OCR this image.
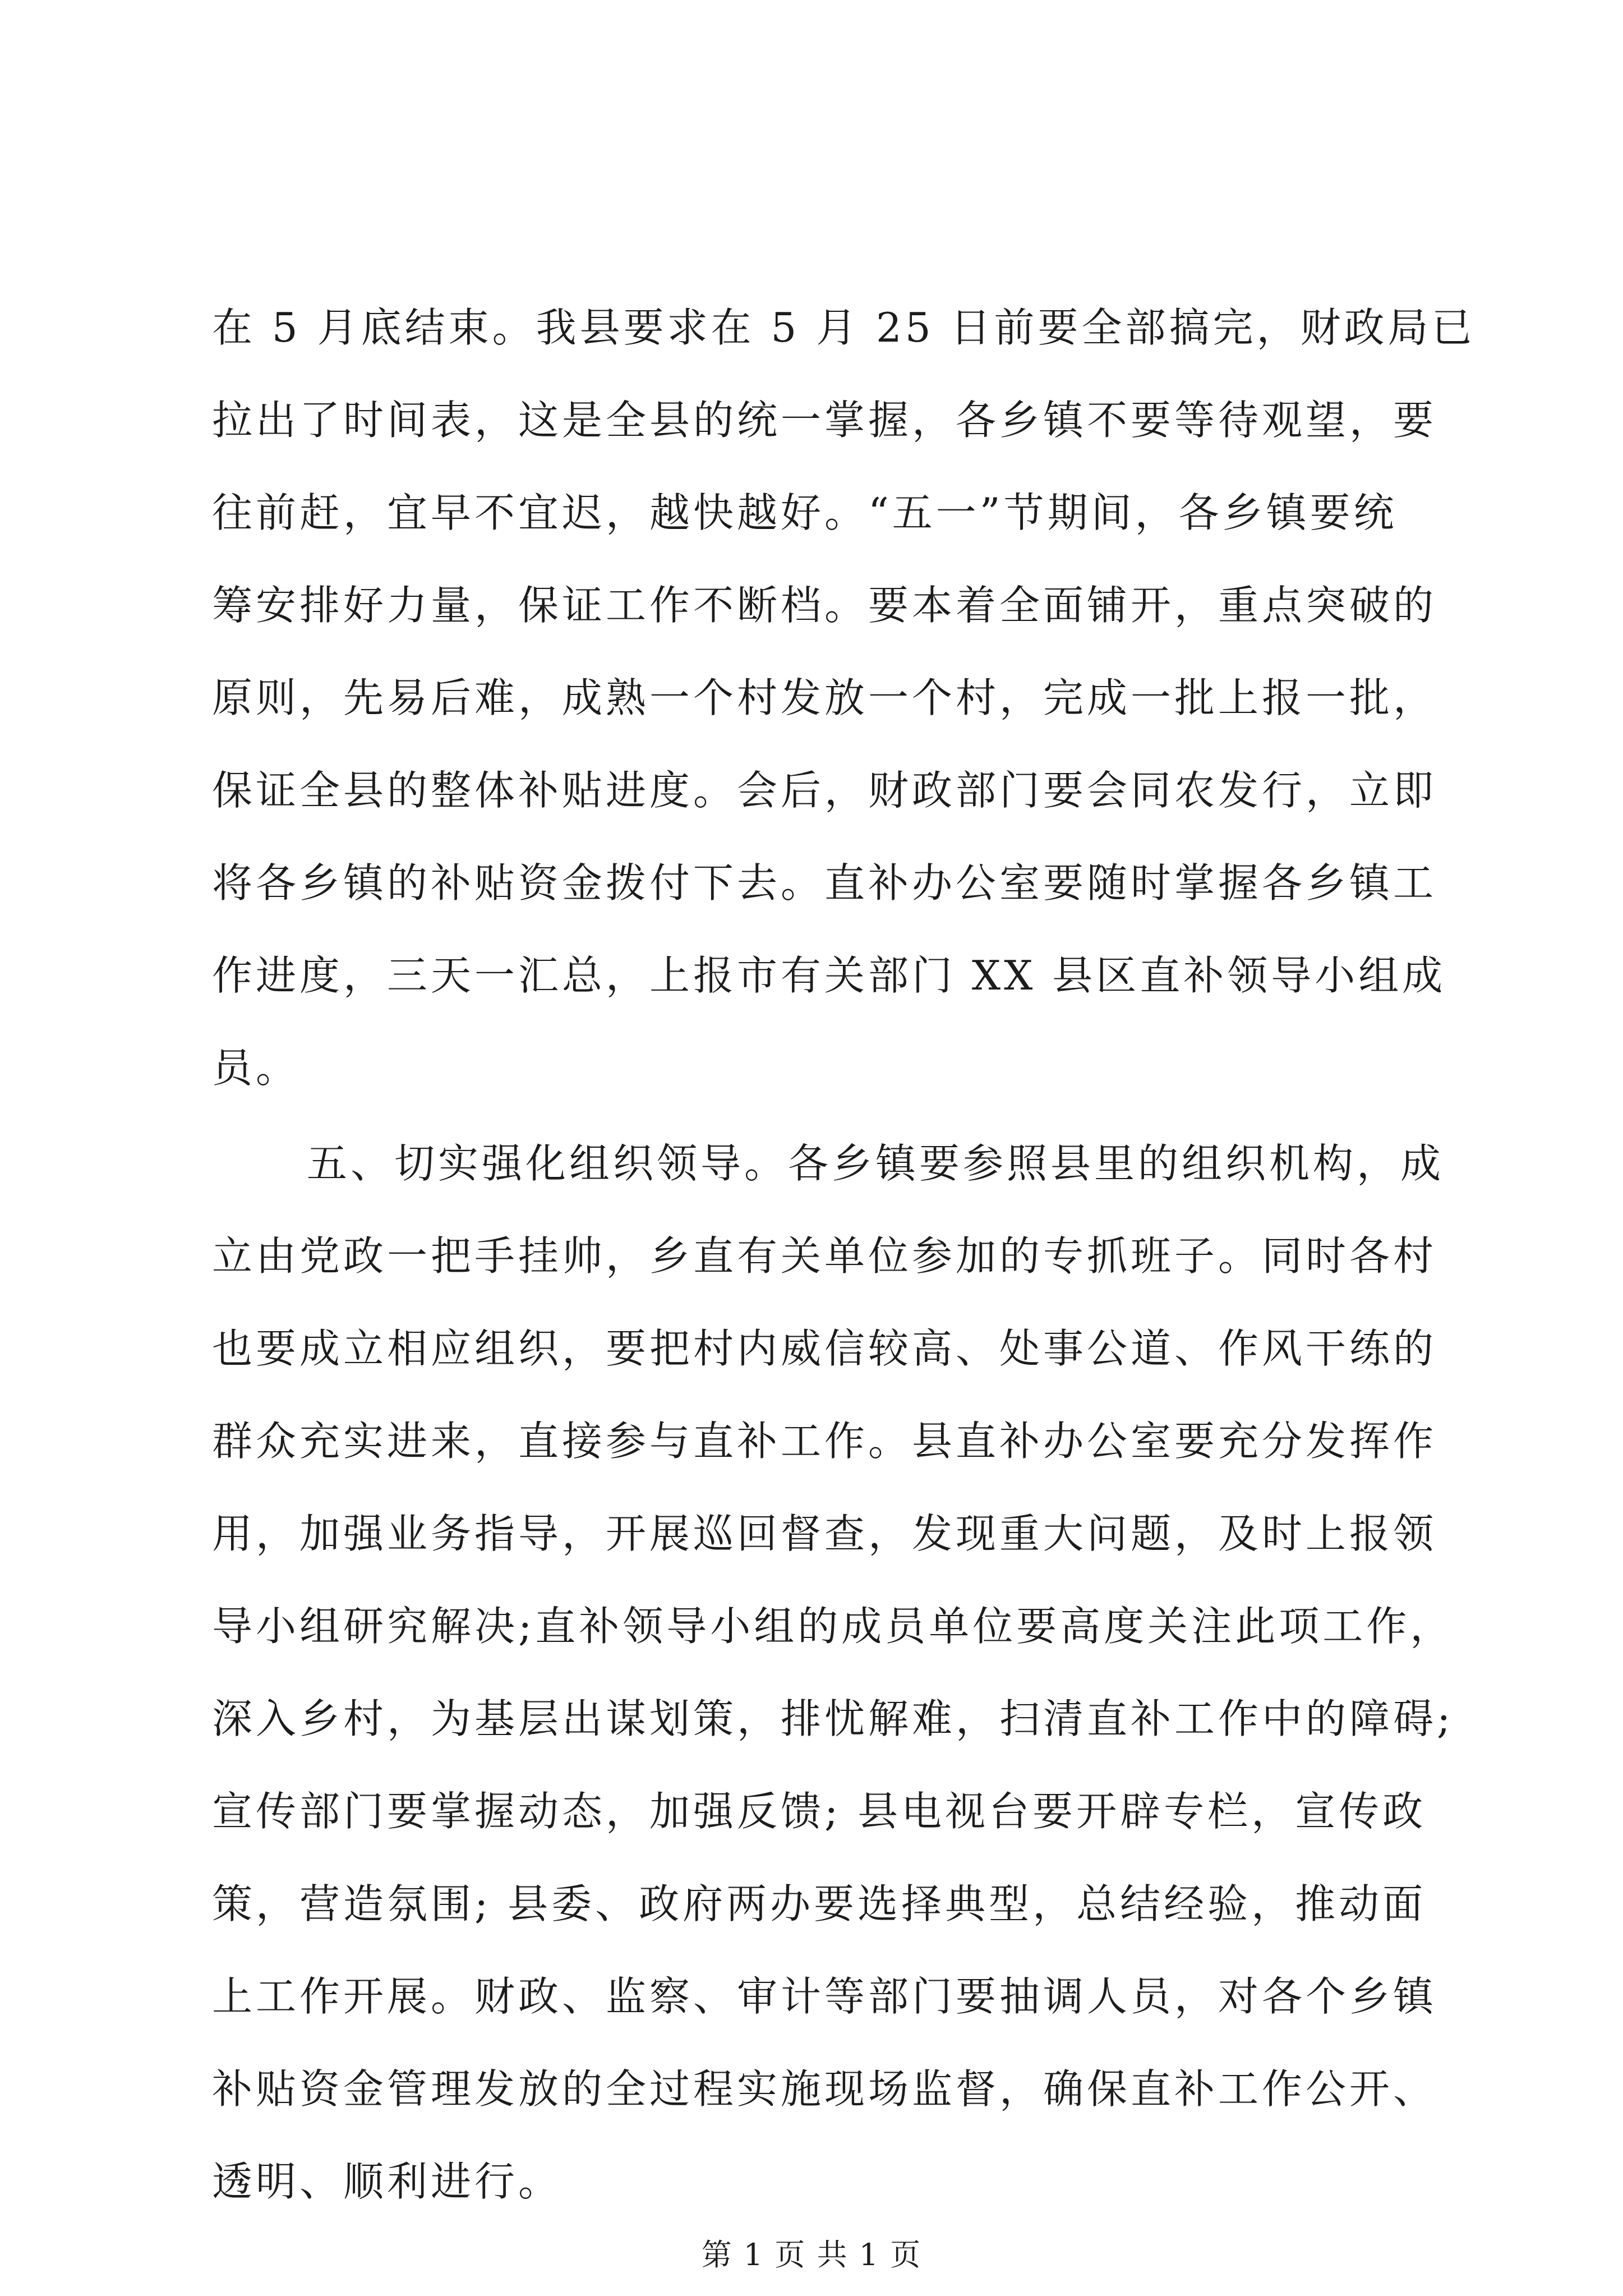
在 5 月底结束。我县要求在 5 月 25 日前要全部搞完，财政局已
拉出了时间表，这是全县的统一掌握，各乡镇不要等待观望，要
往前赶，宜早不宜迟，越快越好。“五一”节期间，各乡镇要统
筹安排好力量，保证工作不断档。要本着全面铺开，重点突破的
原则，先易后难，成熟一个村发放一个村，完成一批上报一批，
保证全县的整体补贴进度。会后，财政部门要会同农发行，立即
将各乡镇的补贴资金拨付下去。直补办公室要随时掌握各乡镇工
作进度，三天一汇总，上报市有关部门 XX 县区直补领导小组成
员。
五、切实强化组织领导。各乡镇要参照县里的组织机构，成
立由党政一把手挂帅，乡直有关单位参加的专抓班子。同时各村
也要成立相应组织，要把村内威信较高、处事公道、作风干练的
群众充实进来，直接参与直补工作。县直补办公室要充分发挥作
用，加强业务指导，开展巡回督查，发现重大问题，及时上报领
导小组研究解决;直补领导小组的成员单位要高度关注此项工作，
深入乡村，为基层出谋划策，排忧解难，扫清直补工作中的障碍;
宣传部门要掌握动态，加强反馈; 县电视台要开辟专栏，宣传政
策，营造氛围; 县委、政府两办要选择典型，总结经验，推动面
上工作开展。财政、监察、审计等部门要抽调人员，对各个乡镇
补贴资金管理发放的全过程实施现场监督，确保直补工作公开、
透明、顺利进行。
第 1 页 共 1 页
